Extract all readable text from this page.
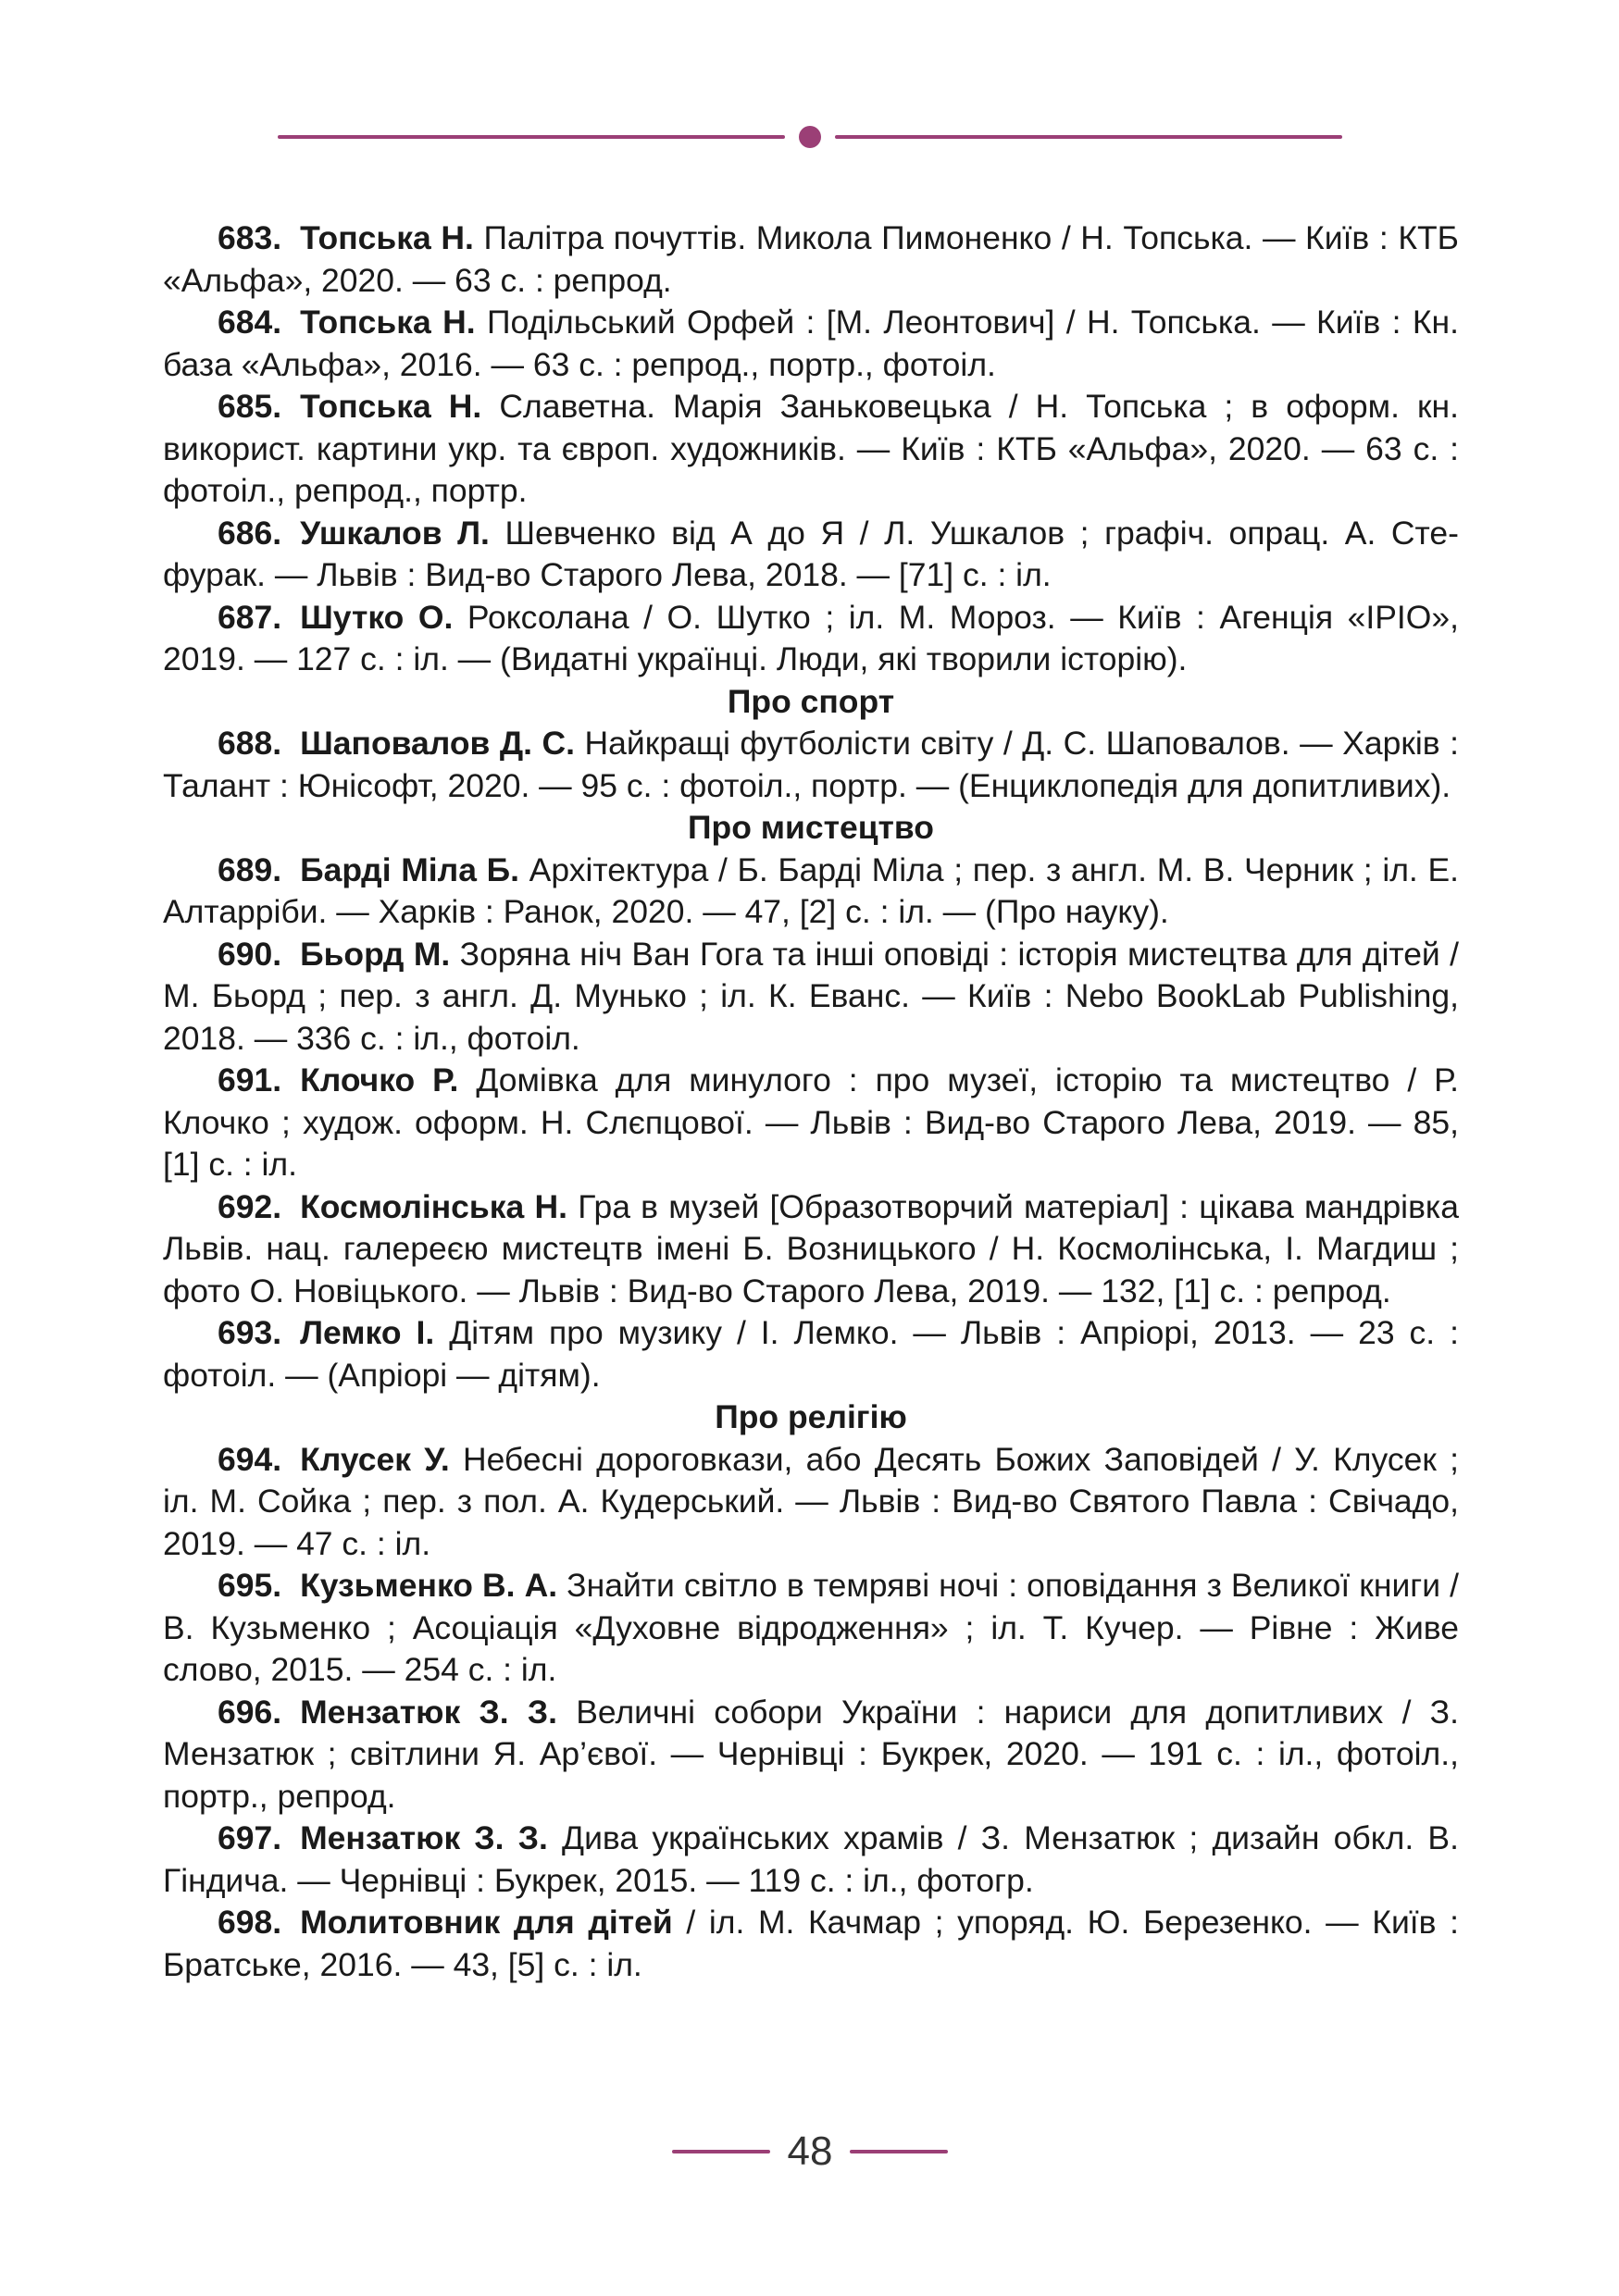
683. Топська Н. Палітра почуттів. Микола Пимоненко / Н. Топська. — Київ : КТБ «Альфа», 2020. — 63 с. : репрод.

684. Топська Н. Подільський Орфей : [М. Леонтович] / Н. Топська. — Київ : Кн. база «Альфа», 2016. — 63 с. : репрод., портр., фотоіл.

685. Топська Н. Славетна. Марія Заньковецька / Н. Топська ; в оформ. кн. використ. картини укр. та європ. художників. — Київ : КТБ «Альфа», 2020. — 63 с. : фотоіл., репрод., портр.

686. Ушкалов Л. Шевченко від А до Я / Л. Ушкалов ; графіч. опрац. А. Стефурак. — Львів : Вид-во Старого Лева, 2018. — [71] с. : іл.

687. Шутко О. Роксолана / О. Шутко ; іл. М. Мороз. — Київ : Агенція «ІРІО», 2019. — 127 с. : іл. — (Видатні українці. Люди, які творили історію).

Про спорт

688. Шаповалов Д. С. Найкращі футболісти світу / Д. С. Шаповалов. — Харків : Талант : Юнісофт, 2020. — 95 с. : фотоіл., портр. — (Енциклопедія для допитливих).

Про мистецтво

689. Барді Міла Б. Архітектура / Б. Барді Міла ; пер. з англ. М. В. Черник ; іл. Е. Алтарріби. — Харків : Ранок, 2020. — 47, [2] с. : іл. — (Про науку).

690. Бьорд М. Зоряна ніч Ван Гога та інші оповіді : історія мистецтва для дітей / М. Бьорд ; пер. з англ. Д. Мунько ; іл. К. Еванс. — Київ : Nebo BookLab Publishing, 2018. — 336 с. : іл., фотоіл.

691. Клочко Р. Домівка для минулого : про музеї, історію та мистецтво / Р. Клочко ; худож. оформ. Н. Слєпцової. — Львів : Вид-во Старого Лева, 2019. — 85, [1] с. : іл.

692. Космолінська Н. Гра в музей [Образотворчий матеріал] : цікава мандрівка Львів. нац. галереєю мистецтв імені Б. Возницького / Н. Космолінська, І. Магдиш ; фото О. Новіцького. — Львів : Вид-во Старого Лева, 2019. — 132, [1] с. : репрод.

693. Лемко І. Дітям про музику / І. Лемко. — Львів : Апріорі, 2013. — 23 с. : фотоіл. — (Апріорі — дітям).

Про релігію

694. Клусек У. Небесні дороговкази, або Десять Божих Заповідей / У. Клусек ; іл. М. Сойка ; пер. з пол. А. Кудерський. — Львів : Вид-во Святого Павла : Свічадо, 2019. — 47 с. : іл.

695. Кузьменко В. А. Знайти світло в темряві ночі : оповідання з Великої книги / В. Кузьменко ; Асоціація «Духовне відродження» ; іл. Т. Кучер. — Рівне : Живе слово, 2015. — 254 с. : іл.

696. Мензатюк З. З. Величні собори України : нариси для допитливих / З. Мензатюк ; світлини Я. Ар’євої. — Чернівці : Букрек, 2020. — 191 с. : іл., фотоіл., портр., репрод.

697. Мензатюк З. З. Дива українських храмів / З. Мензатюк ; дизайн обкл. В. Гіндича. — Чернівці : Букрек, 2015. — 119 с. : іл., фотогр.

698. Молитовник для дітей / іл. М. Качмар ; упоряд. Ю. Березенко. — Київ : Братське, 2016. — 43, [5] с. : іл.

48
